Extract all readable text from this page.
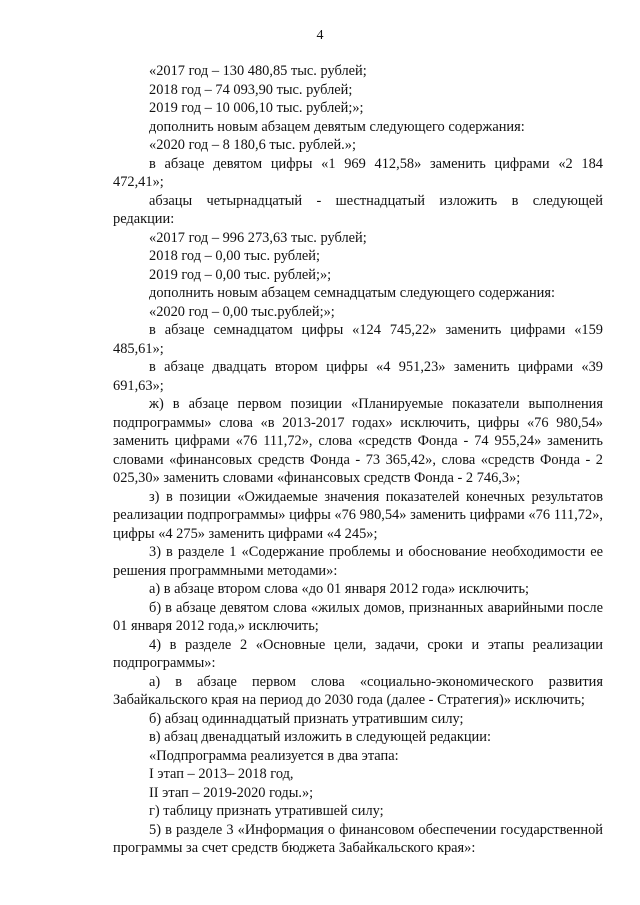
4

«2017 год – 130 480,85 тыс. рублей;

2018 год – 74 093,90 тыс. рублей;

2019 год – 10 006,10 тыс. рублей;»;

дополнить новым абзацем девятым следующего содержания:

«2020 год – 8 180,6 тыс. рублей.»;

в абзаце девятом цифры «1 969 412,58» заменить цифрами «2 184 472,41»;

абзацы четырнадцатый - шестнадцатый изложить в следующей редакции:

«2017 год – 996 273,63 тыс. рублей;

2018 год – 0,00 тыс. рублей;

2019 год – 0,00 тыс. рублей;»;

дополнить новым абзацем семнадцатым следующего содержания:

«2020 год – 0,00 тыс.рублей;»;

в абзаце семнадцатом цифры «124 745,22» заменить цифрами «159 485,61»;

в абзаце двадцать втором цифры «4 951,23» заменить цифрами «39 691,63»;

ж) в абзаце первом позиции «Планируемые показатели выполнения подпрограммы» слова «в 2013-2017 годах» исключить, цифры «76 980,54» заменить цифрами «76 111,72», слова «средств Фонда - 74 955,24» заменить словами «финансовых средств Фонда - 73 365,42», слова «средств Фонда - 2 025,30» заменить словами «финансовых средств Фонда - 2 746,3»;

з) в позиции «Ожидаемые значения показателей конечных результатов реализации подпрограммы» цифры «76 980,54» заменить цифрами «76 111,72», цифры «4 275» заменить цифрами «4 245»;

3) в разделе 1 «Содержание проблемы и обоснование необходимости ее решения программными методами»:

а) в абзаце втором слова «до 01 января 2012 года» исключить;

б) в абзаце девятом слова «жилых домов, признанных аварийными после 01 января 2012 года,» исключить;

4) в разделе 2 «Основные цели, задачи, сроки и этапы реализации подпрограммы»:

а) в абзаце первом слова «социально-экономического развития Забайкальского края на период до 2030 года (далее - Стратегия)» исключить;

б) абзац одиннадцатый признать утратившим силу;

в) абзац двенадцатый изложить в следующей редакции:

«Подпрограмма реализуется в два этапа:

I этап – 2013– 2018 год,

II этап – 2019-2020 годы.»;

г) таблицу признать утратившей силу;

5) в разделе 3 «Информация о финансовом обеспечении государственной программы за счет средств бюджета Забайкальского края»:
